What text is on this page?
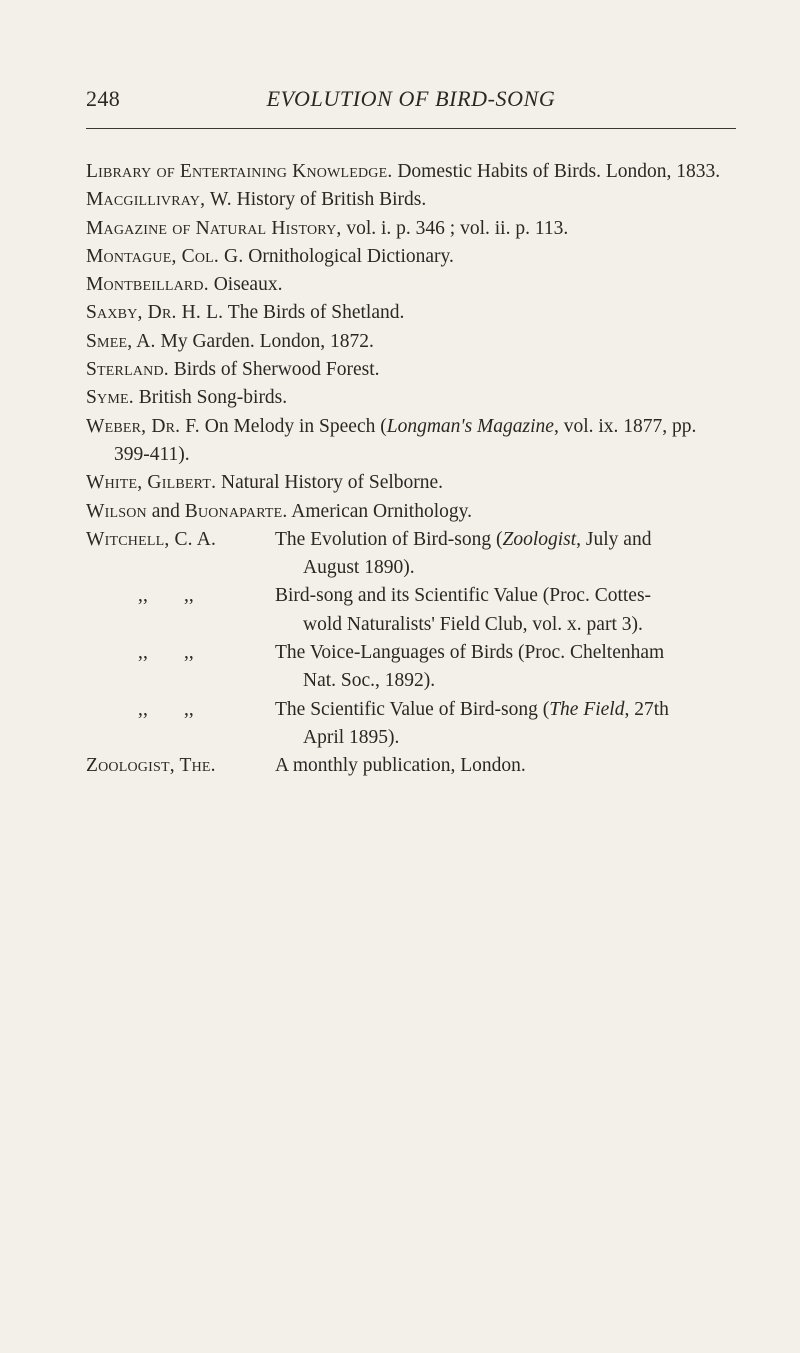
248	EVOLUTION OF BIRD-SONG

Library of Entertaining Knowledge. Domestic Habits of Birds. London, 1833.

Macgillivray, W. History of British Birds.

Magazine of Natural History, vol. i. p. 346 ; vol. ii. p. 113.

Montague, Col. G. Ornithological Dictionary.

Montbeillard. Oiseaux.

Saxby, Dr. H. L. The Birds of Shetland.

Smee, A. My Garden. London, 1872.

Sterland. Birds of Sherwood Forest.

Syme. British Song-birds.

Weber, Dr. F. On Melody in Speech (Longman's Magazine, vol. ix. 1877, pp. 399-411).

White, Gilbert. Natural History of Selborne.

Wilson and Buonaparte. American Ornithology.

Witchell, C. A.	The Evolution of Bird-song (Zoologist, July and
August 1890).
,, ,,	Bird-song and its Scientific Value (Proc. Cottes-
wold Naturalists' Field Club, vol. x. part 3).
,, ,,	The Voice-Languages of Birds (Proc. Cheltenham
Nat. Soc., 1892).
,, ,,	The Scientific Value of Bird-song (The Field, 27th
April 1895).
Zoologist, The.	A monthly publication, London.
